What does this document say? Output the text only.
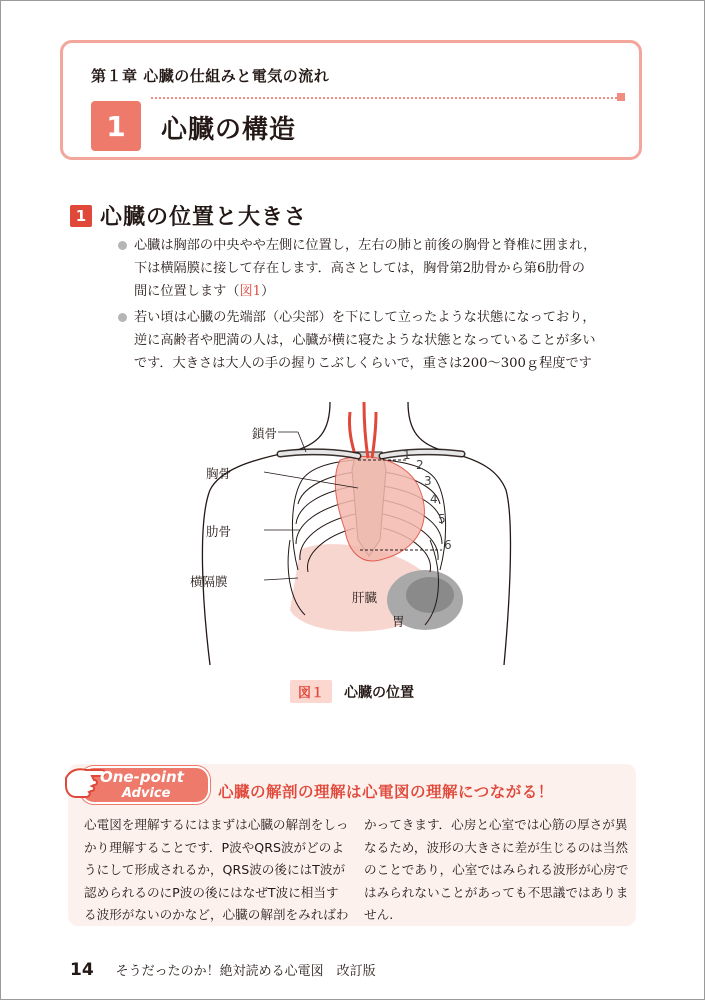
第１章 心臓の仕組みと電気の流れ
1	心臓の構造
1 心臓の位置と大きさ
心臓は胸部の中央やや左側に位置し，左右の肺と前後の胸骨と脊椎に囲まれ，
下は横隔膜に接して存在します．高さとしては，胸骨第2肋骨から第6肋骨の
間に位置します（図1）
若い頃は心臓の先端部（心尖部）を下にして立ったような状態になっており，
逆に高齢者や肥満の人は，心臓が横に寝たような状態となっていることが多い
です．大きさは大人の手の握りこぶしくらいで，重さは200～300ｇ程度です
鎖骨
胸骨
肋骨
横隔膜
肝臓
胃
1
2
3
4
5
6
図１	心臓の位置
One-point
Advice	心臓の解剖の理解は心電図の理解につながる！
心電図を理解するにはまずは心臓の解剖をしっ
かり理解することです．P波やQRS波がどのよ
うにして形成されるか，QRS波の後にはT波が
認められるのにP波の後にはなぜT波に相当す
る波形がないのかなど，心臓の解剖をみればわ
かってきます．心房と心室では心筋の厚さが異
なるため，波形の大きさに差が生じるのは当然
のことであり，心室ではみられる波形が心房で
はみられないことがあっても不思議ではありま
せん.
14 そうだったのか！絶対読める心電図　改訂版
